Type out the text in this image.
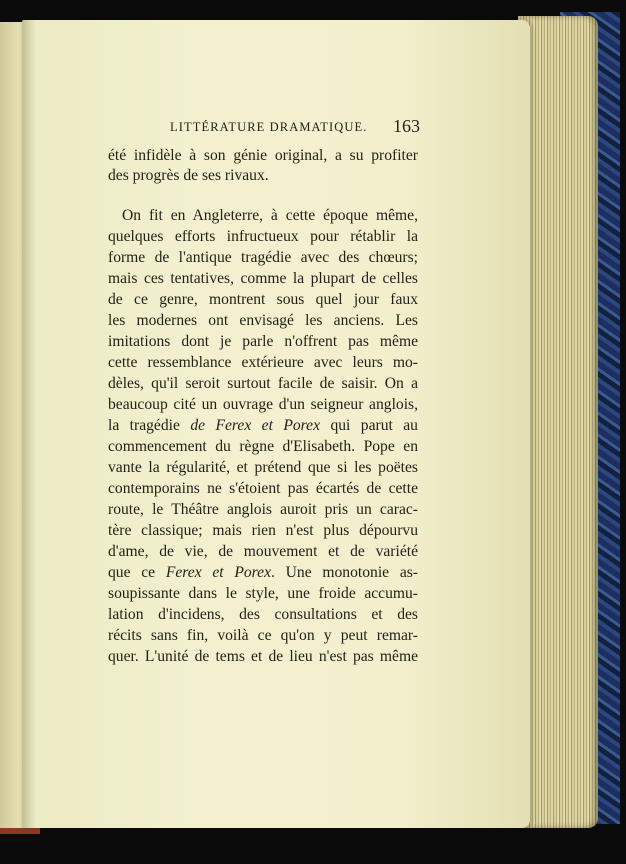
LITTÉRATURE DRAMATIQUE. 163
été infidèle à son génie original, a su profiter
des progrès de ses rivaux.
On fit en Angleterre, à cette époque même,
quelques efforts infructueux pour rétablir la
forme de l'antique tragédie avec des chœurs;
mais ces tentatives, comme la plupart de celles
de ce genre, montrent sous quel jour faux
les modernes ont envisagé les anciens. Les
imitations dont je parle n'offrent pas même
cette ressemblance extérieure avec leurs mo-
dèles, qu'il seroit surtout facile de saisir. On a
beaucoup cité un ouvrage d'un seigneur anglois,
la tragédie de Ferex et Porex qui parut au
commencement du règne d'Elisabeth. Pope en
vante la régularité, et prétend que si les poëtes
contemporains ne s'étoient pas écartés de cette
route, le Théâtre anglois auroit pris un carac-
tère classique; mais rien n'est plus dépourvu
d'ame, de vie, de mouvement et de variété
que ce Ferex et Porex. Une monotonie as-
soupissante dans le style, une froide accumu-
lation d'incidens, des consultations et des
récits sans fin, voilà ce qu'on y peut remar-
quer. L'unité de tems et de lieu n'est pas même
